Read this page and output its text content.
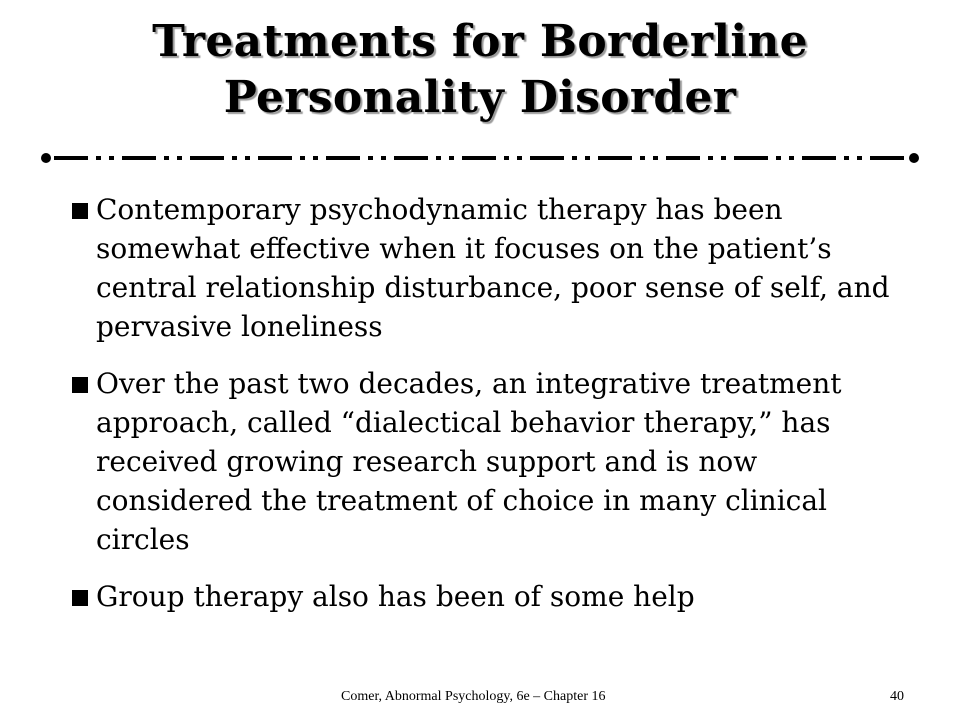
Treatments for Borderline Personality Disorder
Contemporary psychodynamic therapy has been somewhat effective when it focuses on the patient’s central relationship disturbance, poor sense of self, and pervasive loneliness
Over the past two decades, an integrative treatment approach, called “dialectical behavior therapy,” has received growing research support and is now considered the treatment of choice in many clinical circles
Group therapy also has been of some help
Comer, Abnormal Psychology, 6e – Chapter 16	40
